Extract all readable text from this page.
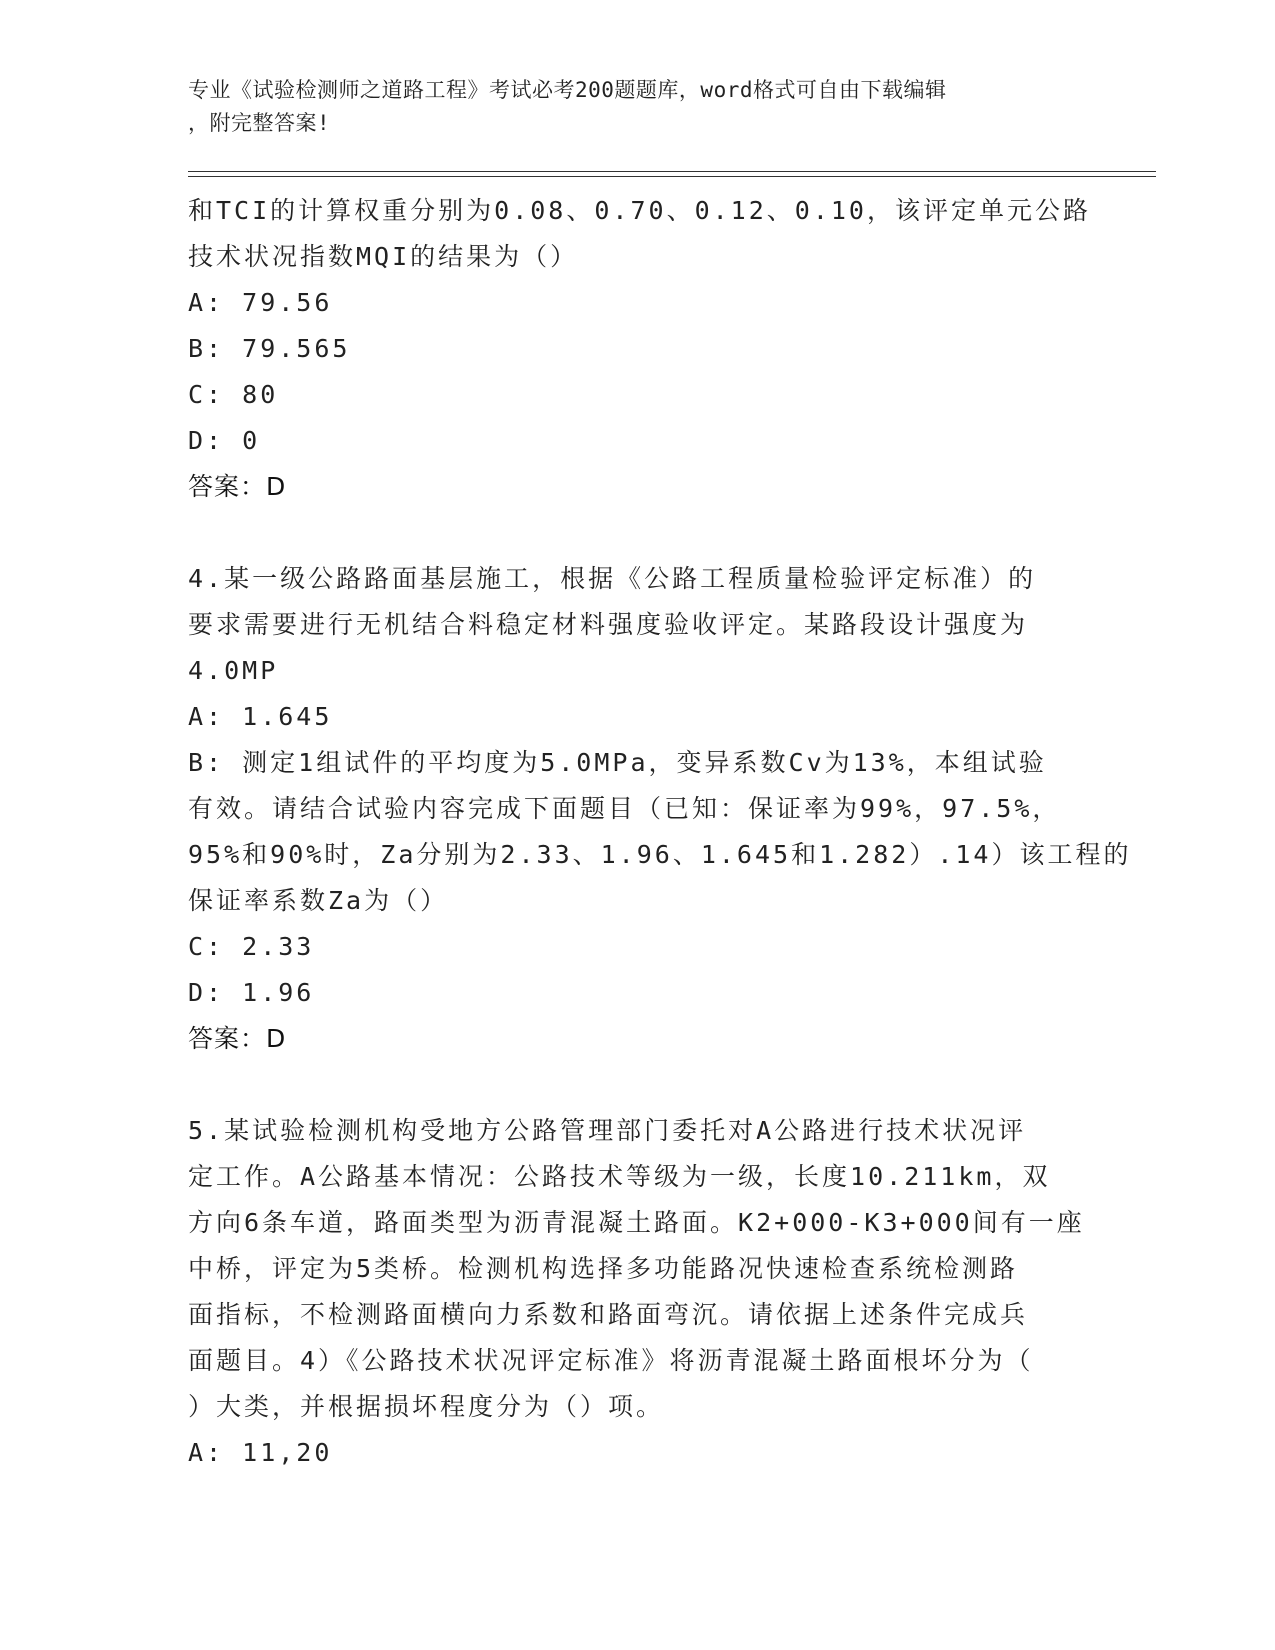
专业《试验检测师之道路工程》考试必考200题题库，word格式可自由下载编辑
，附完整答案!
和TCI的计算权重分别为0.08、0.70、0.12、0.10，该评定单元公路
技术状况指数MQI的结果为（）
A: 79.56
B: 79.565
C: 80
D: 0
答案：D
4.某一级公路路面基层施工，根据《公路工程质量检验评定标准）的
要求需要进行无机结合料稳定材料强度验收评定。某路段设计强度为
4.0MP
A: 1.645
B: 测定1组试件的平均度为5.0MPa，变异系数Cv为13%，本组试验
有效。请结合试验内容完成下面题目（已知：保证率为99%，97.5%，
95%和90%时，Za分别为2.33、1.96、1.645和1.282）.14）该工程的
保证率系数Za为（）
C: 2.33
D: 1.96
答案：D
5.某试验检测机构受地方公路管理部门委托对A公路进行技术状况评
定工作。A公路基本情况：公路技术等级为一级，长度10.211km，双
方向6条车道，路面类型为沥青混凝土路面。K2+000-K3+000间有一座
中桥，评定为5类桥。检测机构选择多功能路况快速检查系统检测路
面指标，不检测路面横向力系数和路面弯沉。请依据上述条件完成兵
面题目。4）《公路技术状况评定标准》将沥青混凝土路面根坏分为（
）大类，并根据损坏程度分为（）项。
A: 11,20
